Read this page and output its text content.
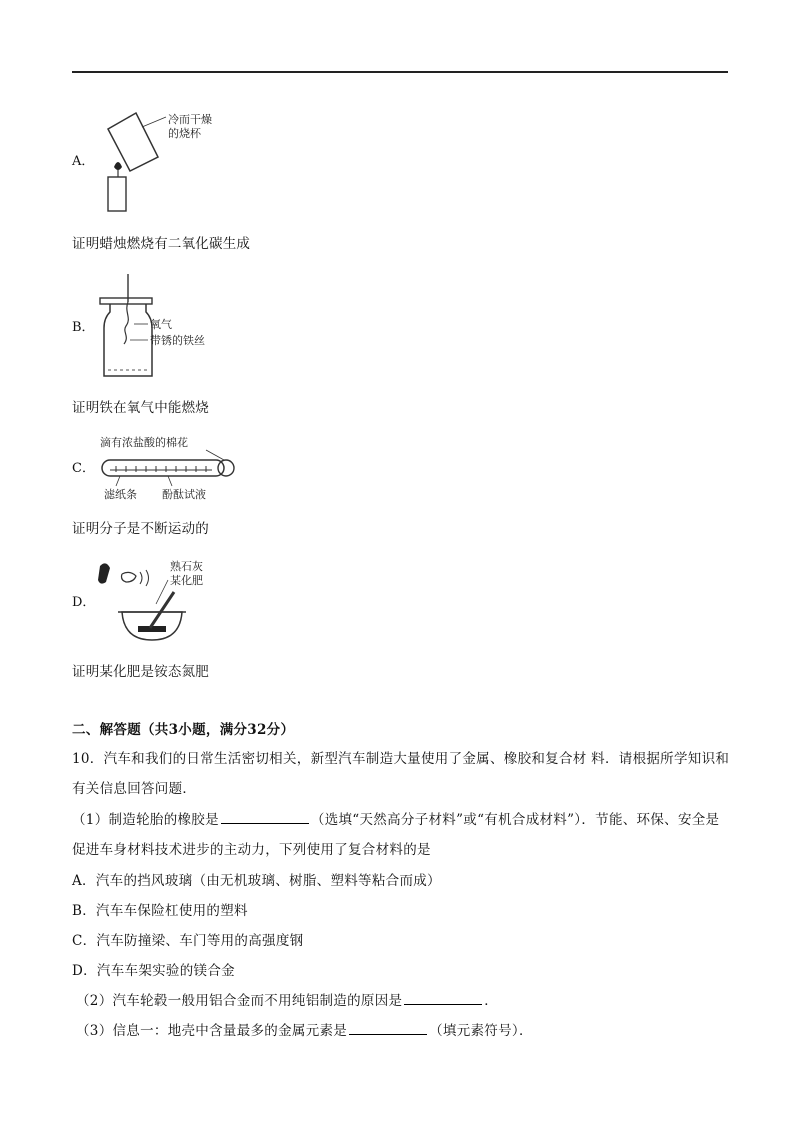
A．
冷而干燥
的烧杯
证明蜡烛燃烧有二氧化碳生成
B．	氧气
带锈的铁丝
证明铁在氧气中能燃烧
C．
滴有浓盐酸的棉花
滤纸条 酚酞试液
证明分子是不断运动的
D．
熟石灰
某化肥
证明某化肥是铵态氮肥
二、解答题（共3小题，满分32分）
10．汽车和我们的日常生活密切相关，新型汽车制造大量使用了金属、橡胶和复合材 料．请根据所学知识和
有关信息回答问题．
（1）制造轮胎的橡胶是	（选填“天然高分子材料”或“有机合成材料”）．节能、环保、安全是
促进车身材料技术进步的主动力，下列使用了复合材料的是
A．汽车的挡风玻璃（由无机玻璃、树脂、塑料等粘合而成）
B．汽车车保险杠使用的塑料
C．汽车防撞梁、车门等用的高强度钢
D．汽车车架实验的镁合金
（2）汽车轮毂一般用铝合金而不用纯铝制造的原因是	．
（3）信息一：地壳中含量最多的金属元素是	（填元素符号）．
